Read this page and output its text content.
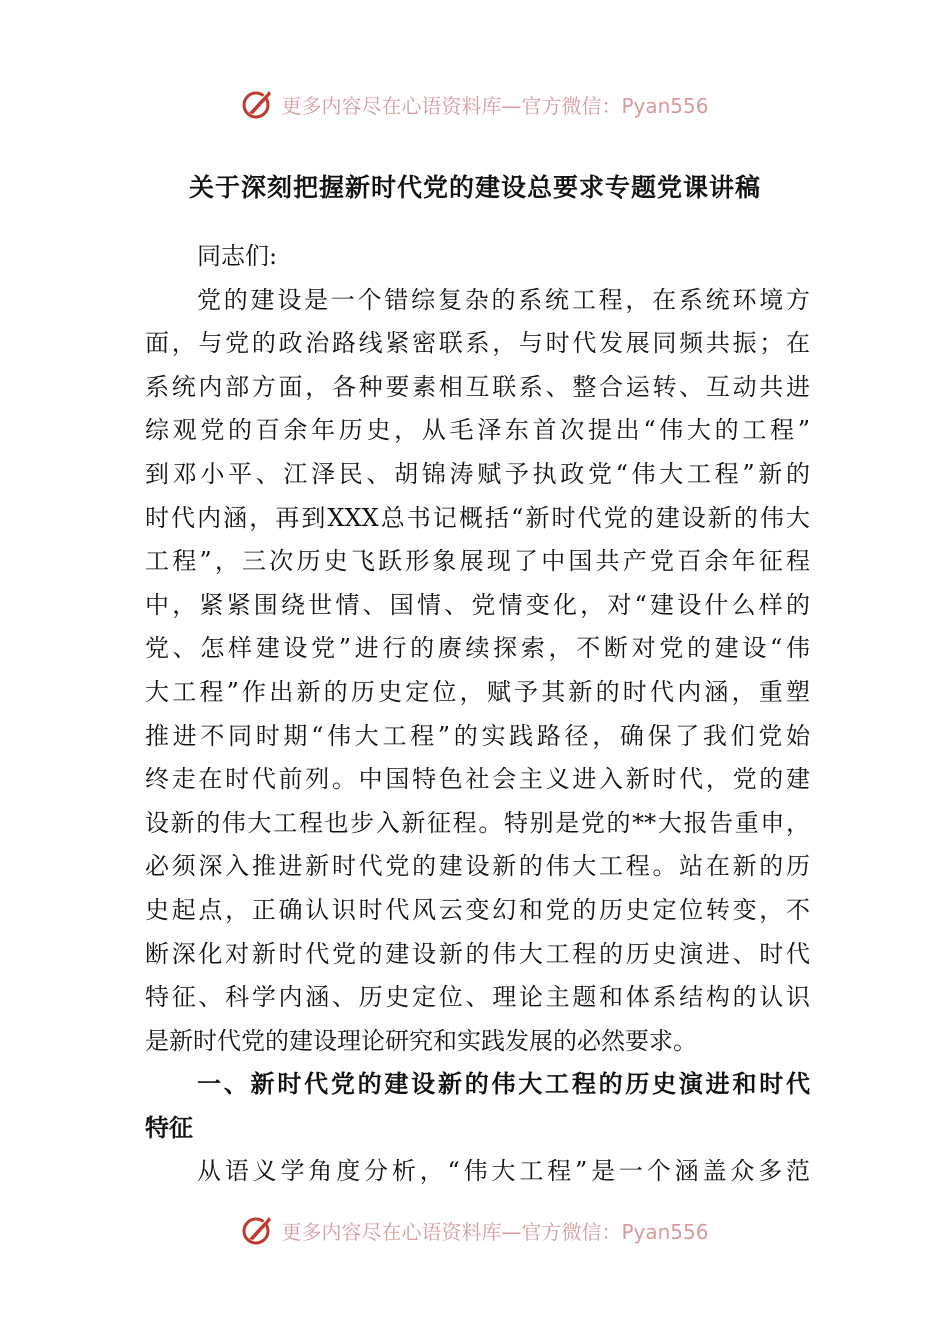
更多内容尽在心语资料库—官方微信：Pyan556
关于深刻把握新时代党的建设总要求专题党课讲稿
同志们:
党的建设是一个错综复杂的系统工程，在系统环境方
面，与党的政治路线紧密联系，与时代发展同频共振；在
系统内部方面，各种要素相互联系、整合运转、互动共进
综观党的百余年历史，从毛泽东首次提出“伟大的工程”
到邓小平、江泽民、胡锦涛赋予执政党“伟大工程”新的
时代内涵，再到XXX总书记概括“新时代党的建设新的伟大
工程”，三次历史飞跃形象展现了中国共产党百余年征程
中，紧紧围绕世情、国情、党情变化，对“建设什么样的
党、怎样建设党”进行的赓续探索，不断对党的建设“伟
大工程”作出新的历史定位，赋予其新的时代内涵，重塑
推进不同时期“伟大工程”的实践路径，确保了我们党始
终走在时代前列。中国特色社会主义进入新时代，党的建
设新的伟大工程也步入新征程。特别是党的**大报告重申，
必须深入推进新时代党的建设新的伟大工程。站在新的历
史起点，正确认识时代风云变幻和党的历史定位转变，不
断深化对新时代党的建设新的伟大工程的历史演进、时代
特征、科学内涵、历史定位、理论主题和体系结构的认识
是新时代党的建设理论研究和实践发展的必然要求。
一、新时代党的建设新的伟大工程的历史演进和时代
特征
从语义学角度分析，“伟大工程”是一个涵盖众多范
更多内容尽在心语资料库—官方微信：Pyan556
